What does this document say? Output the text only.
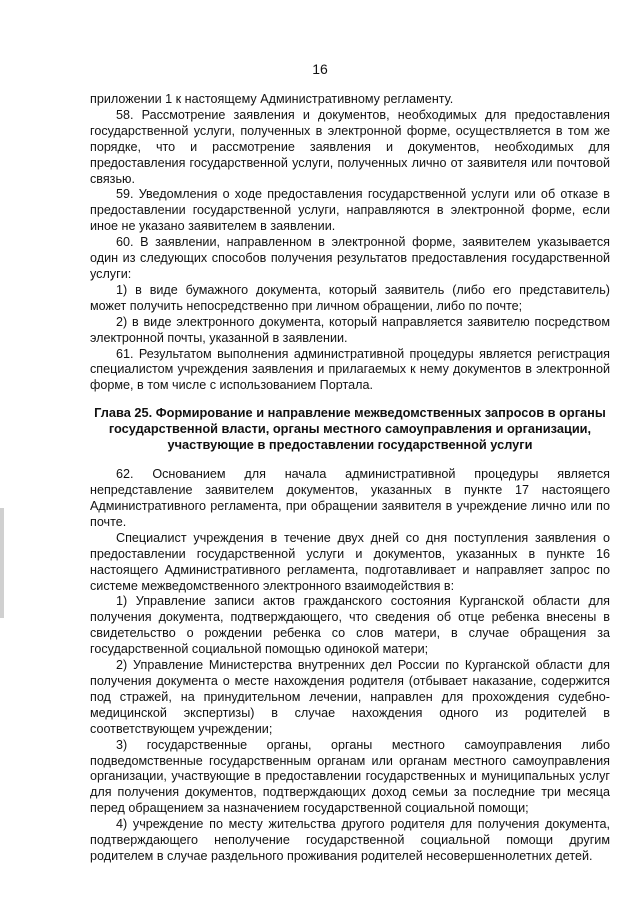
16

приложении 1 к настоящему Административному регламенту.

58. Рассмотрение заявления и документов, необходимых для предоставления государственной услуги, полученных в электронной форме, осуществляется в том же порядке, что и рассмотрение заявления и документов, необходимых для предоставления государственной услуги, полученных лично от заявителя или почтовой связью.

59. Уведомления о ходе предоставления государственной услуги или об отказе в предоставлении государственной услуги, направляются в электронной форме, если иное не указано заявителем в заявлении.

60. В заявлении, направленном в электронной форме, заявителем указывается один из следующих способов получения результатов предоставления государственной услуги:

1) в виде бумажного документа, который заявитель (либо его представитель) может получить непосредственно при личном обращении, либо по почте;

2) в виде электронного документа, который направляется заявителю посредством электронной почты, указанной в заявлении.

61. Результатом выполнения административной процедуры является регистрация специалистом учреждения заявления и прилагаемых к нему документов в электронной форме, в том числе с использованием Портала.

Глава 25. Формирование и направление межведомственных запросов в органы государственной власти, органы местного самоуправления и организации, участвующие в предоставлении государственной услуги

62. Основанием для начала административной процедуры является непредставление заявителем документов, указанных в пункте 17 настоящего Административного регламента, при обращении заявителя в учреждение лично или по почте.

Специалист учреждения в течение двух дней со дня поступления заявления о предоставлении государственной услуги и документов, указанных в пункте 16 настоящего Административного регламента, подготавливает и направляет запрос по системе межведомственного электронного взаимодействия в:

1) Управление записи актов гражданского состояния Курганской области для получения документа, подтверждающего, что сведения об отце ребенка внесены в свидетельство о рождении ребенка со слов матери, в случае обращения за государственной социальной помощью одинокой матери;

2) Управление Министерства внутренних дел России по Курганской области для получения документа о месте нахождения родителя (отбывает наказание, содержится под стражей, на принудительном лечении, направлен для прохождения судебно-медицинской экспертизы) в случае нахождения одного из родителей в соответствующем учреждении;

3) государственные органы, органы местного самоуправления либо подведомственные государственным органам или органам местного самоуправления организации, участвующие в предоставлении государственных и муниципальных услуг для получения документов, подтверждающих доход семьи за последние три месяца перед обращением за назначением государственной социальной помощи;

4) учреждение по месту жительства другого родителя для получения документа, подтверждающего неполучение государственной социальной помощи другим родителем в случае раздельного проживания родителей несовершеннолетних детей.
